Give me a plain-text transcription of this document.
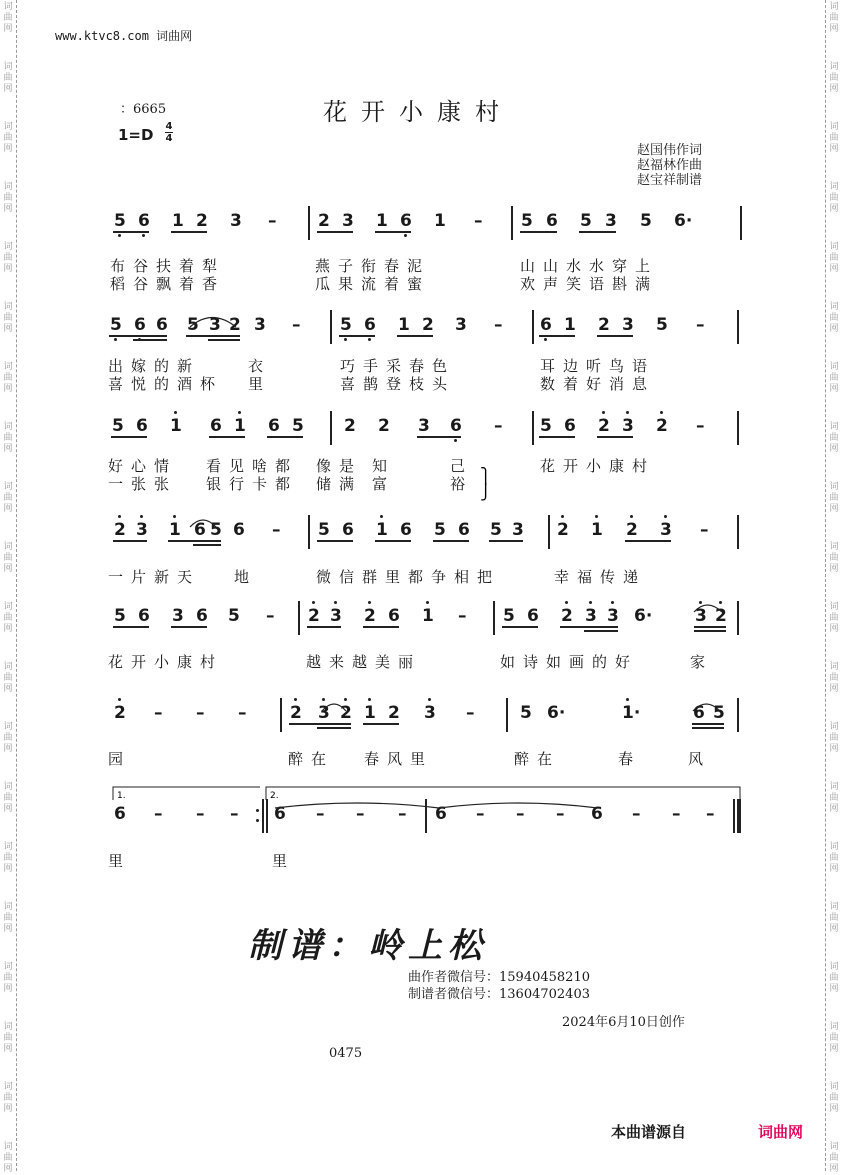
词
曲
网
词
曲
网
词
曲
网
词
曲
网
词
曲
网
词
曲
网
词
曲
网
词
曲
网
词
曲
网
词
曲
网
词
曲
网
词
曲
网
词
曲
网
词
曲
网
词
曲
网
词
曲
网
词
曲
网
词
曲
网
词
曲
网
词
曲
网
词
曲
网
词
曲
网
词
曲
网
词
曲
网
词
曲
网
词
曲
网
词
曲
网
词
曲
网
词
曲
网
词
曲
网
词
曲
网
词
曲
网
词
曲
网
词
曲
网
词
曲
网
词
曲
网
词
曲
网
词
曲
网
词
曲
网
词
曲
网
www.ktvc8.com 词曲网
花开小康村
：6665
1=D 4
4
赵国伟作词
赵福林作曲
赵宝祥制谱
5 6 1 2 3 – 2 3 1 6 1 – 5 6 5 3 5 6·
布谷扶着犁
稻谷飘着香
燕子衔春泥
瓜果流着蜜
山山水水穿上
欢声笑语斟满
5 6 6 5 3 2 3 – 5 6 1 2 3 – 6 1 2 3 5 –
出嫁的新
喜悦的酒杯
衣
里
巧手采春色
喜鹊登枝头
耳边听鸟语
数着好消息
5 6 1 6 1 6 5 2 2 3 6 – 5 6 2 3 2 –
好心情
一张张
看见啥都
银行卡都
像是
储满
知
富
己
裕
花开小康村
2 3 1 6 5 6 – 5 6 1 6 5 6 5 3 2 1 2 3 –
一片新天 地	微信群里都争相把	幸福传递
5 6 3 6 5 – 2 3 2 6 1 – 5 6 2 3 3 6·	3 2
花开小康村	越来越美丽	如诗如画的好	家
2 – – –	2 3 2 1 2 3 –	5 6·	1·	6 5
园	醉在 春风里	醉在	春	风
6 – – – 6 – – – 6 – – – 6 – – –
里	里
1.	2.
⎫
⎭
制谱：岭上松
曲作者微信号：15940458210
制谱者微信号：13604702403
2024年6月10日创作
0475
本曲谱源自	词曲网
